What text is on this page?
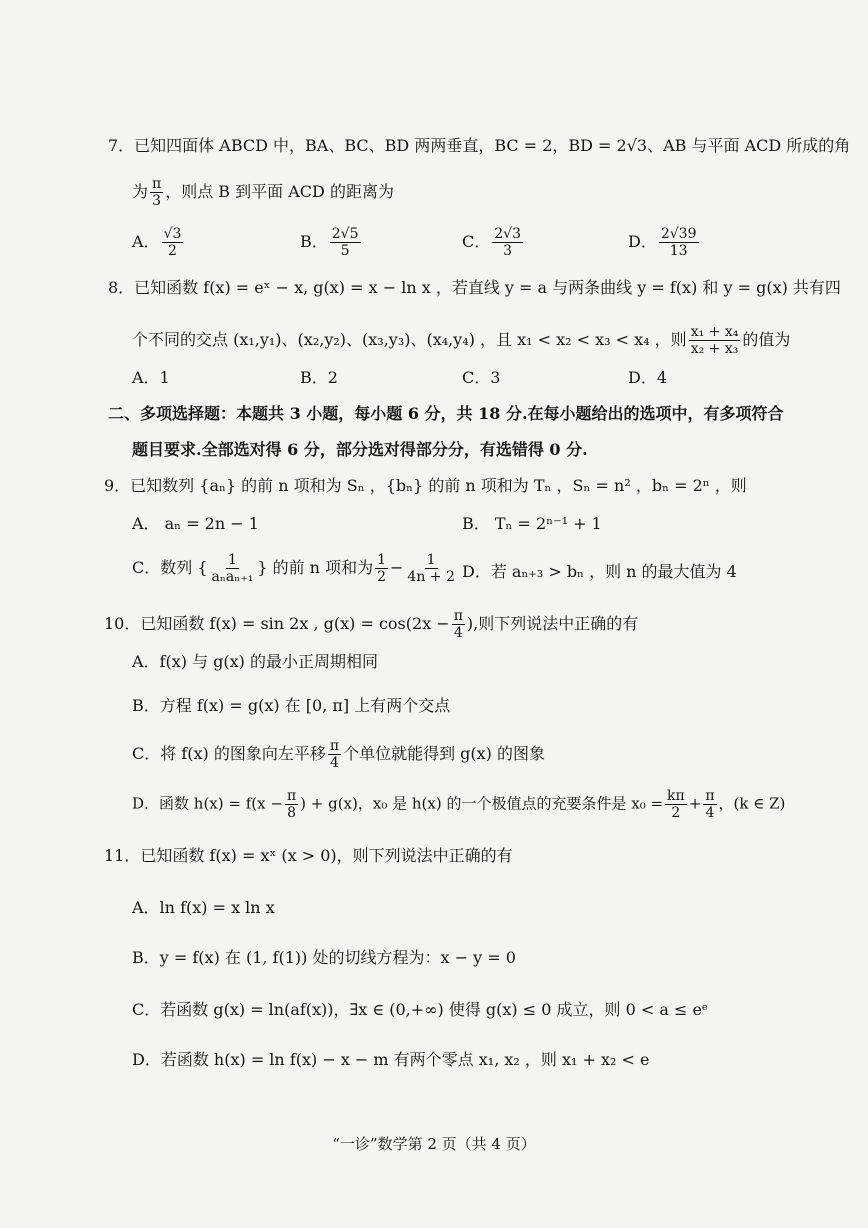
7．已知四面体 ABCD 中，BA、BC、BD 两两垂直，BC = 2，BD = 2√3、AB 与平面 ACD 所成的角
为 $\frac{\pi}{3}$ ，则点 B 到平面 ACD 的距离为
A． $\frac{√3}{2}$	B． $\frac{2√5}{5}$	C． $\frac{2√3}{3}$	D． $\frac{2√39}{13}$
8．已知函数 f(x) = eˣ − x, g(x) = x − ln x ，若直线 y = a 与两条曲线 y = f(x) 和 y = g(x) 共有四
个不同的交点 (x₁,y₁)、(x₂,y₂)、(x₃,y₃)、(x₄,y₄) ，且 x₁ < x₂ < x₃ < x₄ ，则 $\frac{\text{x₁ + x₄}}{\text{x₂ + x₃}}$ 的值为
A．1	B．2	C．3	D．4
二、多项选择题：本题共 3 小题，每小题 6 分，共 18 分.在每小题给出的选项中，有多项符合
题目要求.全部选对得 6 分，部分选对得部分分，有选错得 0 分.
9．已知数列 {aₙ} 的前 n 项和为 Sₙ ，{bₙ} 的前 n 项和为 Tₙ ，Sₙ = n² ，bₙ = 2ⁿ ，则
A． aₙ = 2n − 1	B． Tₙ = 2ⁿ⁻¹ + 1
C．数列 { $\frac{1}{\text{aₙaₙ₊₁}}$ } 的前 n 项和为 $\frac{1}{2} - \frac{1}{4n + 2}$ D．若 aₙ₊₃ > bₙ ，则 n 的最大值为 4
10．已知函数 f(x) = sin 2x , $g(x) = \cos(2x - \frac{\pi}{4}$ ),则下列说法中正确的有
A．f(x) 与 g(x) 的最小正周期相同
B．方程 f(x) = g(x) 在 [0, π] 上有两个交点
C．将 f(x) 的图象向左平移 $\frac{\pi}{4}$ 个单位就能得到 g(x) 的图象
D．函数 $h(x) = f(x - \frac{\pi}{8}$ ) + g(x)，x₀ 是 h(x) 的一个极值点的充要条件是 $x_0 = \frac{k\pi}{2} + \frac{\pi}{4}$ ，(k ∈ Z)
11．已知函数 f(x) = xˣ (x > 0)，则下列说法中正确的有
A．ln f(x) = x ln x
B．y = f(x) 在 (1, f(1)) 处的切线方程为：x − y = 0
C．若函数 g(x) = ln(af(x))，∃x ∈ (0,+∞) 使得 g(x) ≤ 0 成立，则 0 < a ≤ eᵉ
D．若函数 h(x) = ln f(x) − x − m 有两个零点 x₁, x₂ ，则 x₁ + x₂ < e
“一诊”数学第 2 页（共 4 页）
